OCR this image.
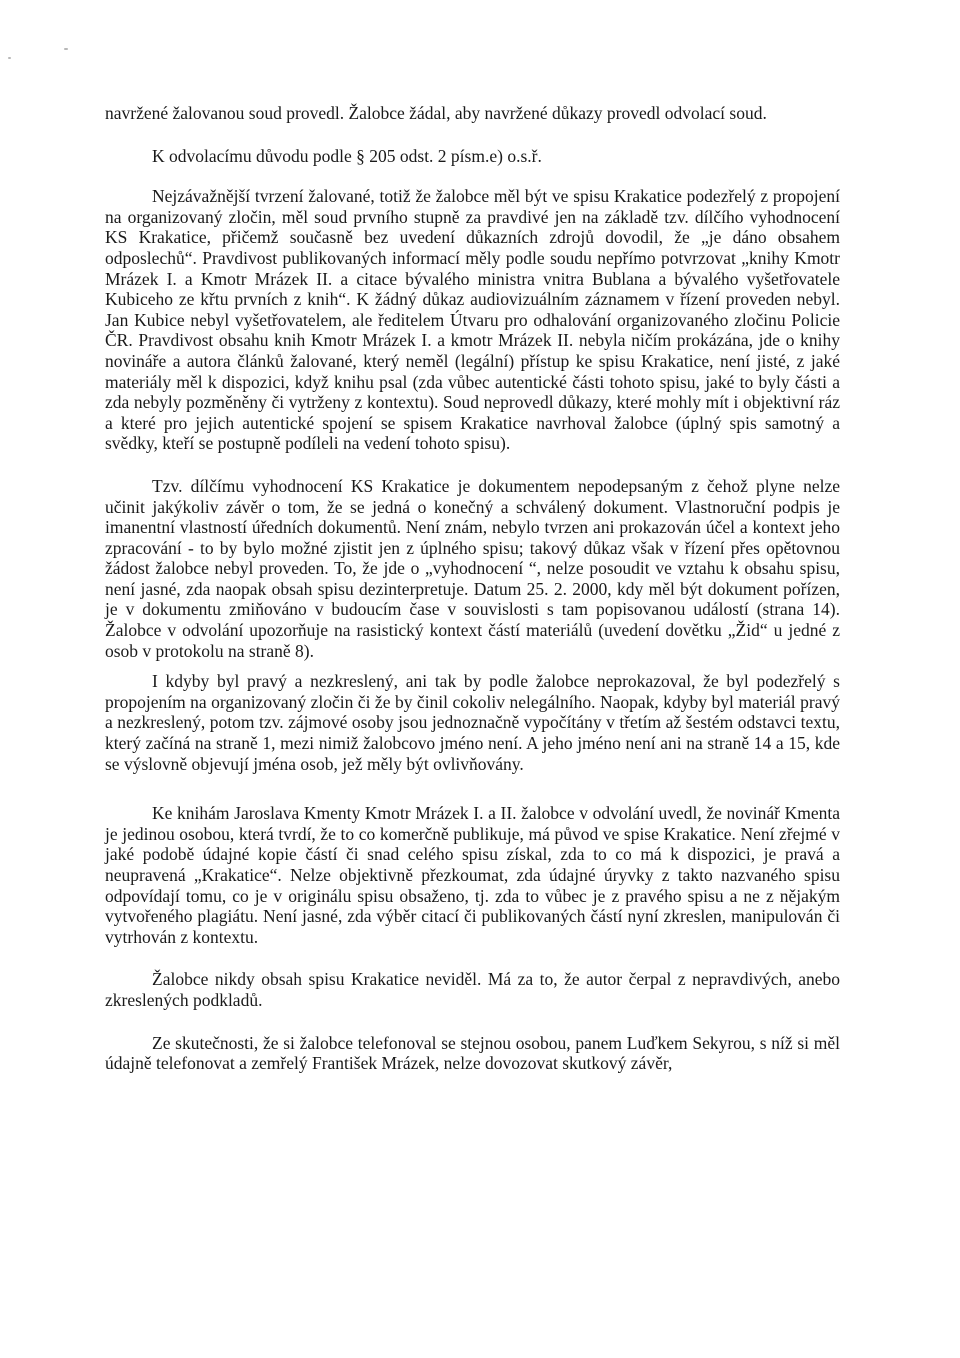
navržené žalovanou soud provedl. Žalobce žádal, aby navržené důkazy provedl odvolací soud.

K odvolacímu důvodu podle § 205 odst. 2 písm.e) o.s.ř.

Nejzávažnější tvrzení žalované, totiž že žalobce měl být ve spisu Krakatice podezřelý z propojení na organizovaný zločin, měl soud prvního stupně za pravdivé jen na základě tzv. dílčího vyhodnocení KS Krakatice, přičemž současně bez uvedení důkazních zdrojů dovodil, že „je dáno obsahem odposlechů“. Pravdivost publikovaných informací měly podle soudu nepřímo potvrzovat „knihy Kmotr Mrázek I. a Kmotr Mrázek II. a citace bývalého ministra vnitra Bublana a bývalého vyšetřovatele Kubiceho ze křtu prvních z knih“. K žádný důkaz audiovizuálním záznamem v řízení proveden nebyl. Jan Kubice nebyl vyšetřovatelem, ale ředitelem Útvaru pro odhalování organizovaného zločinu Policie ČR. Pravdivost obsahu knih Kmotr Mrázek I. a kmotr Mrázek II. nebyla ničím prokázána, jde o knihy novináře a autora článků žalované, který neměl (legální) přístup ke spisu Krakatice, není jisté, z jaké materiály měl k dispozici, když knihu psal (zda vůbec autentické části tohoto spisu, jaké to byly části a zda nebyly pozměněny či vytrženy z kontextu). Soud neprovedl důkazy, které mohly mít i objektivní ráz a které pro jejich autentické spojení se spisem Krakatice navrhoval žalobce (úplný spis samotný a svědky, kteří se postupně podíleli na vedení tohoto spisu).

Tzv. dílčímu vyhodnocení KS Krakatice je dokumentem nepodepsaným z čehož plyne nelze učinit jakýkoliv závěr o tom, že se jedná o konečný a schválený dokument. Vlastnoruční podpis je imanentní vlastností úředních dokumentů. Není znám, nebylo tvrzen ani prokazován účel a kontext jeho zpracování - to by bylo možné zjistit jen z úplného spisu; takový důkaz však v řízení přes opětovnou žádost žalobce nebyl proveden. To, že jde o „vyhodnocení “, nelze posoudit ve vztahu k obsahu spisu, není jasné, zda naopak obsah spisu dezinterpretuje. Datum 25. 2. 2000, kdy měl být dokument pořízen, je v dokumentu zmiňováno v budoucím čase v souvislosti s tam popisovanou událostí (strana 14). Žalobce v odvolání upozorňuje na rasistický kontext částí materiálů (uvedení dovětku „Žid“ u jedné z osob v protokolu na straně 8).

I kdyby byl pravý a nezkreslený, ani tak by podle žalobce neprokazoval, že byl podezřelý s propojením na organizovaný zločin či že by činil cokoliv nelegálního. Naopak, kdyby byl materiál pravý a nezkreslený, potom tzv. zájmové osoby jsou jednoznačně vypočítány v třetím až šestém odstavci textu, který začíná na straně 1, mezi nimiž žalobcovo jméno není. A jeho jméno není ani na straně 14 a 15, kde se výslovně objevují jména osob, jež měly být ovlivňovány.

Ke knihám Jaroslava Kmenty Kmotr Mrázek I. a II. žalobce v odvolání uvedl, že novinář Kmenta je jedinou osobou, která tvrdí, že to co komerčně publikuje, má původ ve spise Krakatice. Není zřejmé v jaké podobě údajné kopie částí či snad celého spisu získal, zda to co má k dispozici, je pravá a neupravená „Krakatice“. Nelze objektivně přezkoumat, zda údajné úryvky z takto nazvaného spisu odpovídají tomu, co je v originálu spisu obsaženo, tj. zda to vůbec je z pravého spisu a ne z nějakým vytvořeného plagiátu. Není jasné, zda výběr citací či publikovaných částí nyní zkreslen, manipulován či vytrhován z kontextu.

Žalobce nikdy obsah spisu Krakatice neviděl. Má za to, že autor čerpal z nepravdivých, anebo zkreslených podkladů.

Ze skutečnosti, že si žalobce telefonoval se stejnou osobou, panem Luďkem Sekyrou, s níž si měl údajně telefonovat a zemřelý František Mrázek, nelze dovozovat skutkový závěr,
